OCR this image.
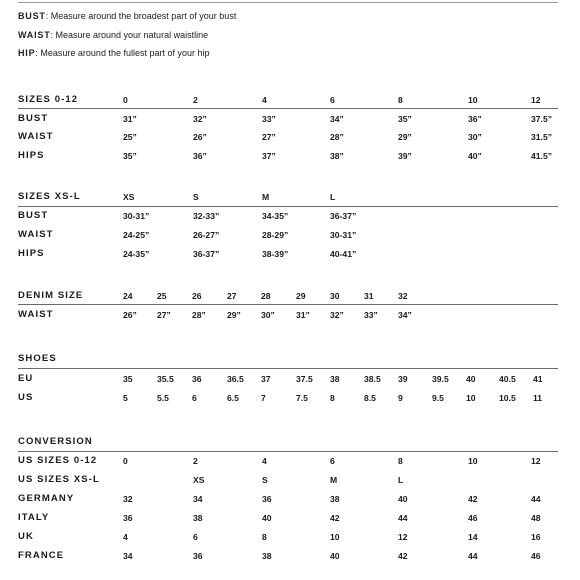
BUST: Measure around the broadest part of your bust
WAIST: Measure around your natural waistline
HIP: Measure around the fullest part of your hip
SIZES 0-12	0	2	4	6	8	10	12
BUST	31”	32”	33”	34”	35”	36”	37.5”
WAIST	25”	26”	27”	28”	29”	30”	31.5”
HIPS	35”	36”	37”	38”	39”	40”	41.5”
SIZES XS-L	XS	S	M	L
BUST	30-31”	32-33”	34-35”	36-37”
WAIST	24-25”	26-27”	28-29”	30-31”
HIPS	24-35”	36-37”	38-39”	40-41”
DENIM SIZE	24	25	26	27	28	29	30	31	32
WAIST	26” 27” 28” 29” 30” 31” 32” 33” 34”
SHOES
EU	35	35.5 36	36.5 37	37.5 38	38.5 39	39.5 40	40.5 41
US	5	5.5	6	6.5	7	7.5	8	8.5	9	9.5	10	10.5 11
CONVERSION
US SIZES 0-12	0	2	4	6	8	10	12
US SIZES XS-L	XS	S	M	L
GERMANY	32	34	36	38	40	42	44
ITALY	36	38	40	42	44	46	48
UK	4	6	8	10	12	14	16
FRANCE	34	36	38	40	42	44	46
